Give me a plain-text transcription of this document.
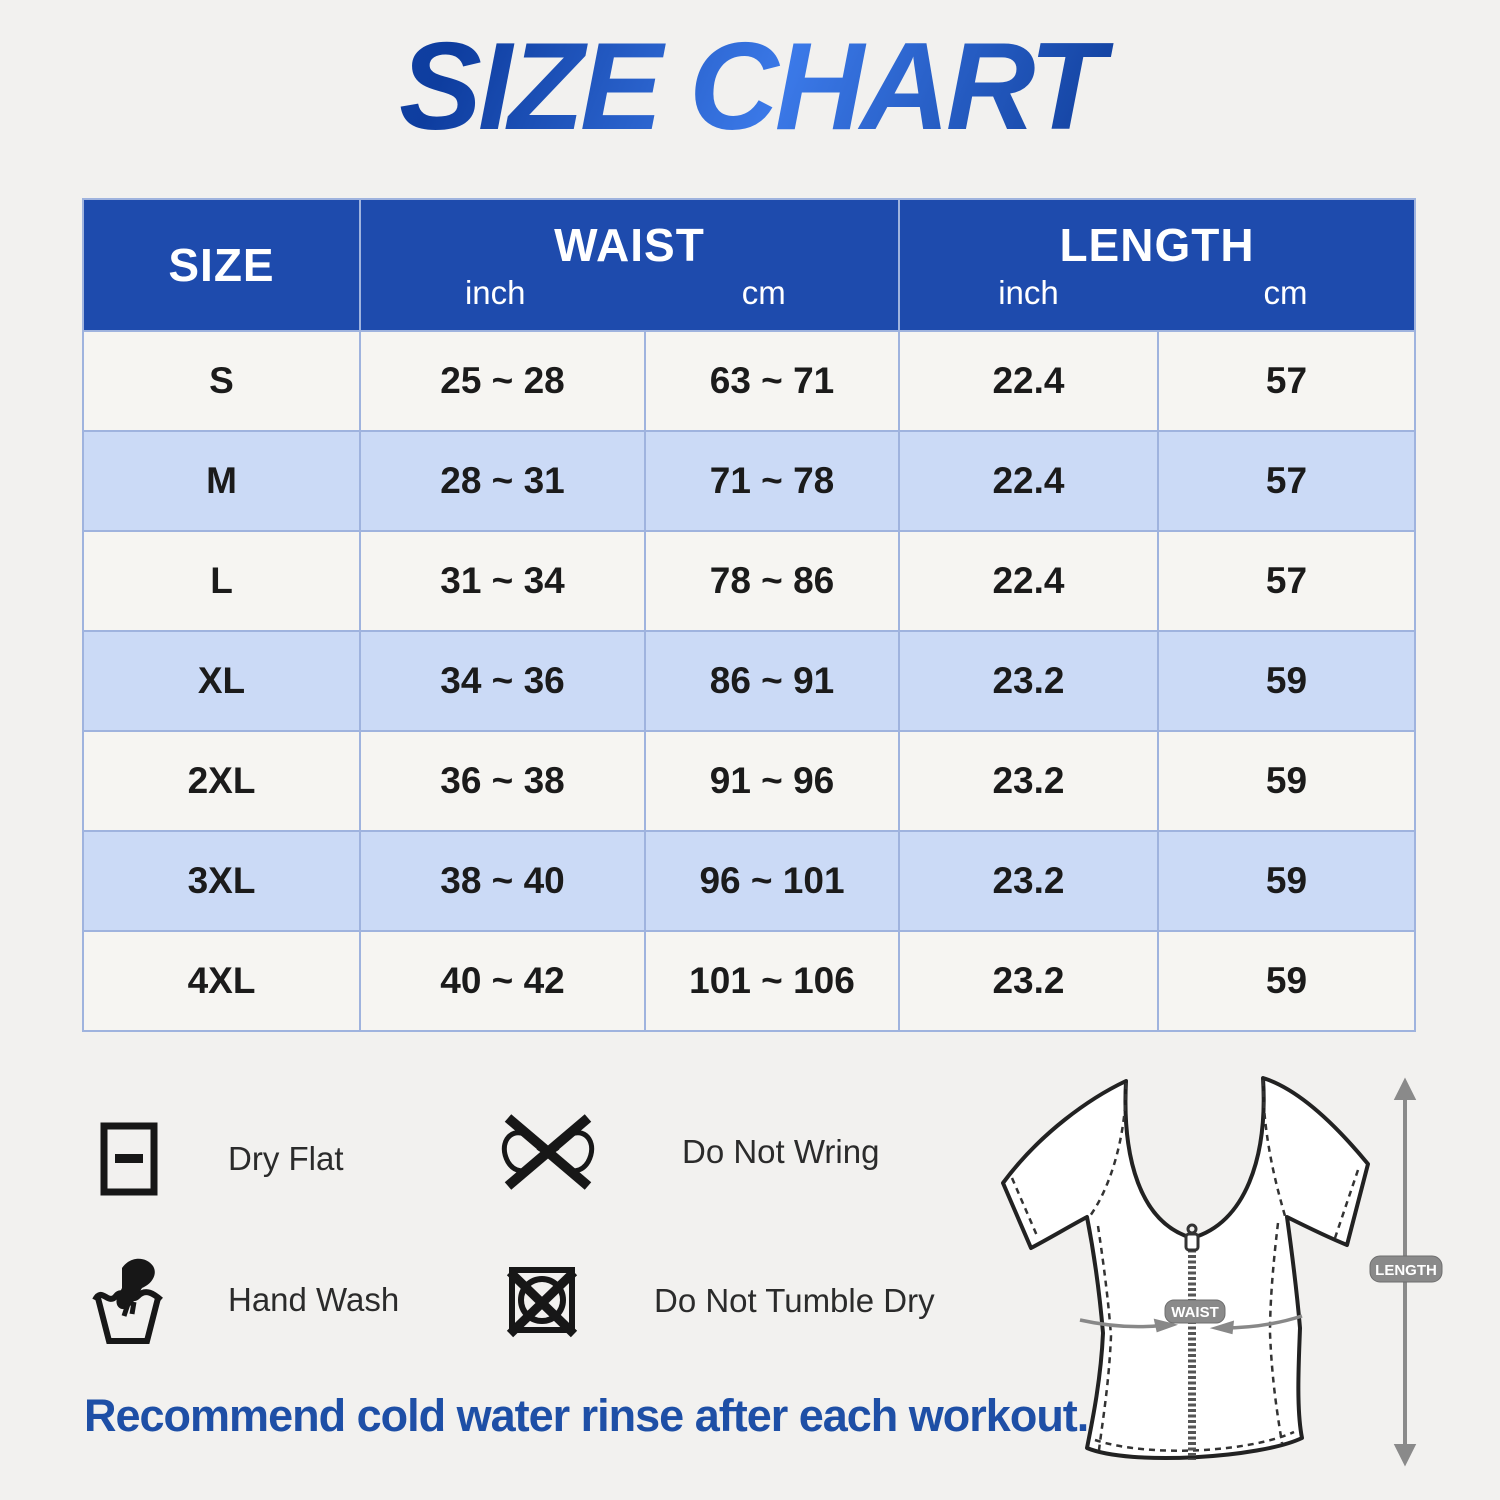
SIZE CHART
SIZE	WAIST
inch	cm
LENGTH
inch	cm
S	25 ~ 28	63 ~ 71	22.4	57
M	28 ~ 31	71 ~ 78	22.4	57
L	31 ~ 34	78 ~ 86	22.4	57
XL	34 ~ 36	86 ~ 91	23.2	59
2XL	36 ~ 38	91 ~ 96	23.2	59
3XL	38 ~ 40	96 ~ 101	23.2	59
4XL	40 ~ 42	101 ~ 106	23.2	59
Dry Flat	Do Not Wring
Hand Wash	Do Not Tumble Dry	WAIST
LENGTH
Recommend cold water rinse after each workout.
